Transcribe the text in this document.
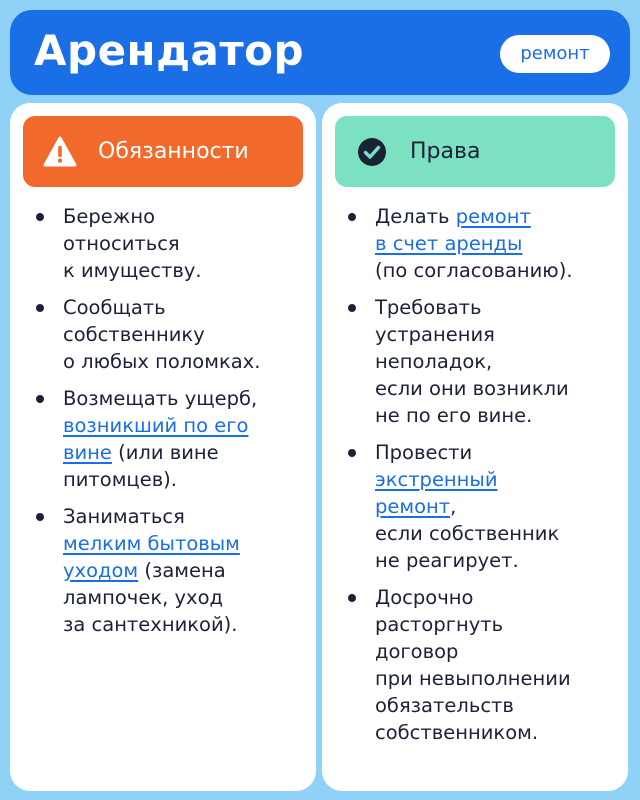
Арендатор	ремонт
Обязанности
Бережно
относиться
к имуществу.
Сообщать
собственнику
о любых поломках.
Возмещать ущерб,
возникший по его
вине (или вине
питомцев).
Заниматься
мелким бытовым
уходом (замена
лампочек, уход
за сантехникой).
Права
Делать ремонт
в счет аренды
(по согласованию).
Требовать
устранения
неполадок,
если они возникли
не по его вине.
Провести
экстренный
ремонт,
если собственник
не реагирует.
Досрочно
расторгнуть
договор
при невыполнении
обязательств
собственником.
